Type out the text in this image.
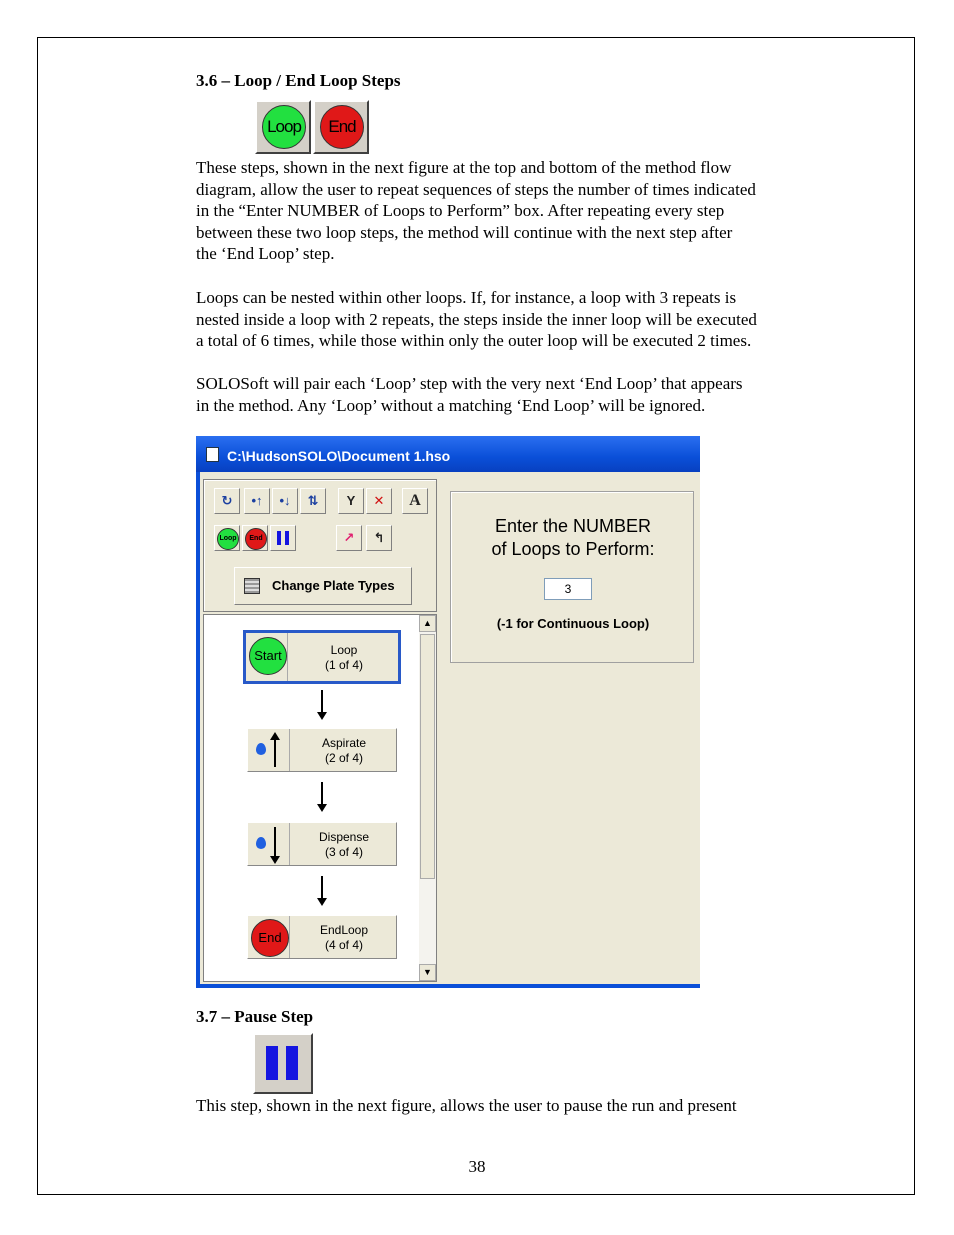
3.6 – Loop / End Loop Steps
Loop	End
These steps, shown in the next figure at the top and bottom of the method flow
diagram, allow the user to repeat sequences of steps the number of times indicated
in the “Enter NUMBER of Loops to Perform” box. After repeating every step
between these two loop steps, the method will continue with the next step after
the ‘End Loop’ step.
Loops can be nested within other loops. If, for instance, a loop with 3 repeats is
nested inside a loop with 2 repeats, the steps inside the inner loop will be executed
a total of 6 times, while those within only the outer loop will be executed 2 times.
SOLOSoft will pair each ‘Loop’ step with the very next ‘End Loop’ that appears
in the method. Any ‘Loop’ without a matching ‘End Loop’ will be ignored.
C:\HudsonSOLO\Document 1.hso
↻	•↑	•↓	⇅	Y	✕	A
Loop	End	↗	↰
Change Plate Types
▲
▼
Start	Loop
(1 of 4)
Aspirate
(2 of 4)
Dispense
(3 of 4)
End	EndLoop
(4 of 4)
Enter the NUMBER
of Loops to Perform:
3
(-1 for Continuous Loop)
3.7 – Pause Step
This step, shown in the next figure, allows the user to pause the run and present
38
